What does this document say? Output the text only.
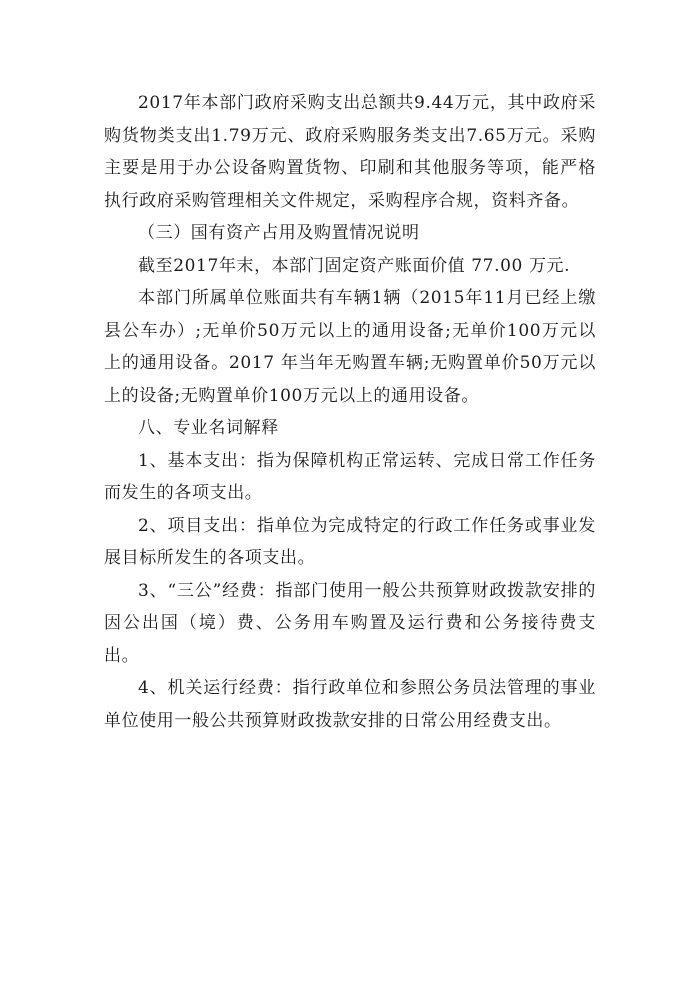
2017年本部门政府采购支出总额共9.44万元，其中政府采购货物类支出1.79万元、政府采购服务类支出7.65万元。采购主要是用于办公设备购置货物、印刷和其他服务等项，能严格执行政府采购管理相关文件规定，采购程序合规，资料齐备。

（三）国有资产占用及购置情况说明

截至2017年末，本部门固定资产账面价值 77.00 万元.

本部门所属单位账面共有车辆1辆（2015年11月已经上缴县公车办）;无单价50万元以上的通用设备;无单价100万元以上的通用设备。2017 年当年无购置车辆;无购置单价50万元以上的设备;无购置单价100万元以上的通用设备。

八、专业名词解释

1、基本支出：指为保障机构正常运转、完成日常工作任务而发生的各项支出。

2、项目支出：指单位为完成特定的行政工作任务或事业发展目标所发生的各项支出。

3、“三公”经费：指部门使用一般公共预算财政拨款安排的因公出国（境）费、公务用车购置及运行费和公务接待费支出。

4、机关运行经费：指行政单位和参照公务员法管理的事业单位使用一般公共预算财政拨款安排的日常公用经费支出。
